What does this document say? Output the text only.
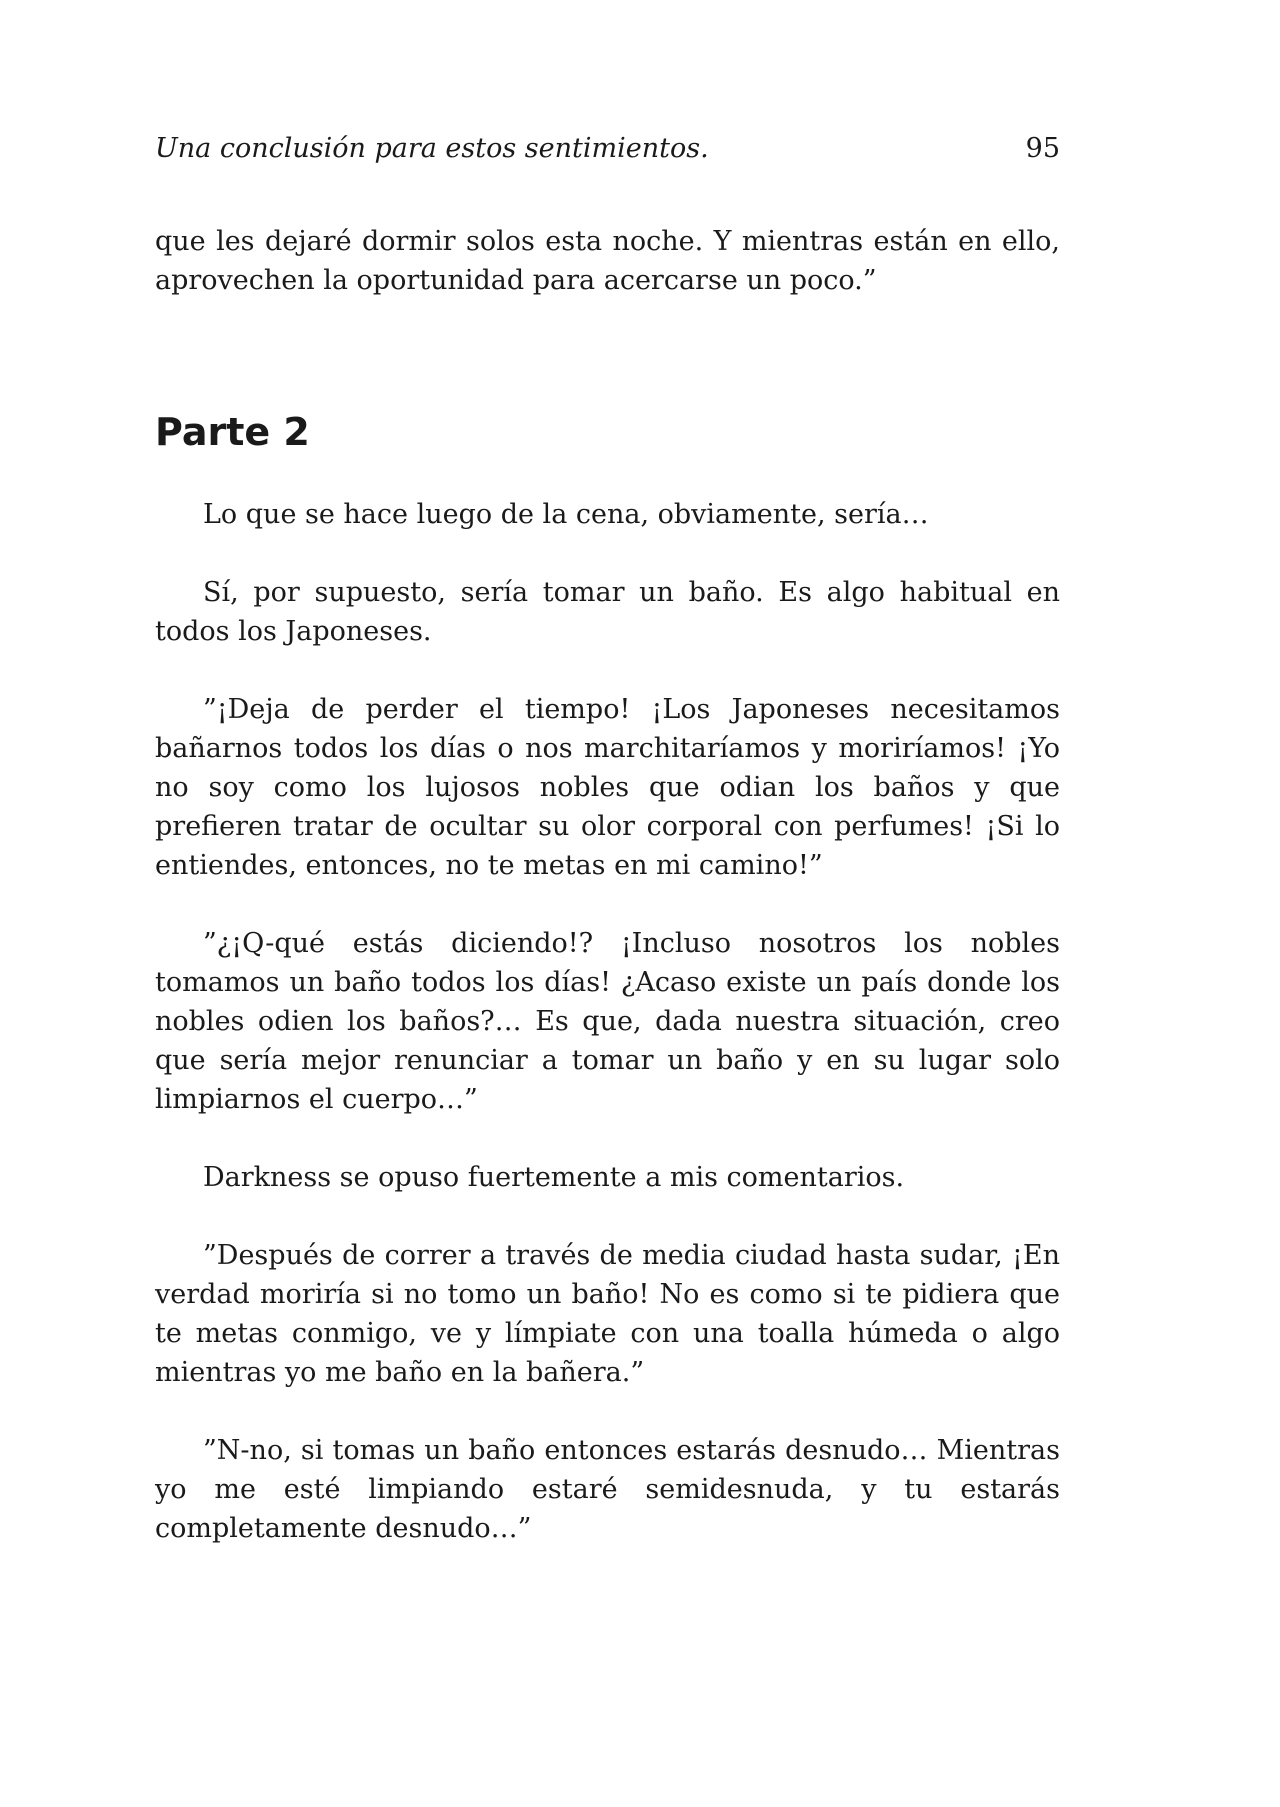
Una conclusión para estos sentimientos.	95

que les dejaré dormir solos esta noche. Y mientras están en ello, aprovechen la oportunidad para acercarse un poco.”

Parte 2

Lo que se hace luego de la cena, obviamente, sería…

Sí, por supuesto, sería tomar un baño. Es algo habitual en todos los Japoneses.

”¡Deja de perder el tiempo! ¡Los Japoneses necesitamos bañarnos todos los días o nos marchitaríamos y moriríamos! ¡Yo no soy como los lujosos nobles que odian los baños y que prefieren tratar de ocultar su olor corporal con perfumes! ¡Si lo entiendes, entonces, no te metas en mi camino!”

”¿¡Q-qué estás diciendo!? ¡Incluso nosotros los nobles tomamos un baño todos los días! ¿Acaso existe un país donde los nobles odien los baños?… Es que, dada nuestra situación, creo que sería mejor renunciar a tomar un baño y en su lugar solo limpiarnos el cuerpo…”

Darkness se opuso fuertemente a mis comentarios.

”Después de correr a través de media ciudad hasta sudar, ¡En verdad moriría si no tomo un baño! No es como si te pidiera que te metas conmigo, ve y límpiate con una toalla húmeda o algo mientras yo me baño en la bañera.”

”N-no, si tomas un baño entonces estarás desnudo… Mientras yo me esté limpiando estaré semidesnuda, y tu estarás completamente desnudo…”
